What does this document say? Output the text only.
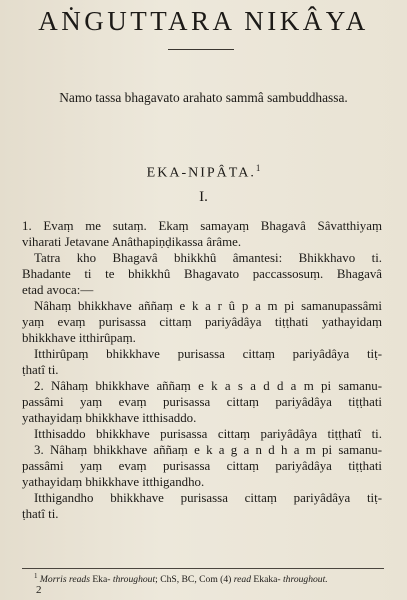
AṄGUTTARA NIKÂYA
Namo tassa bhagavato arahato sammâ sambuddhassa.
EKA-NIPÂTA.$^1$
I.
1. Evaṃ me sutaṃ. Ekaṃ samayaṃ Bhagavâ Sâvatthiyaṃ
viharati Jetavane Anâthapiṇḍikassa ârâme.
Tatra kho Bhagavâ bhikkhû âmantesi: Bhikkhavo ti.
Bhadante ti te bhikkhû Bhagavato paccassosuṃ. Bhagavâ
etad avoca:—
Nâhaṃ bhikkhave aññaṃ e k a r û p a m pi samanupassâmi
yaṃ evaṃ purisassa cittaṃ pariyâdâya tiṭṭhati yathayidaṃ
bhikkhave itthirûpaṃ.
Itthirûpaṃ bhikkhave purisassa cittaṃ pariyâdâya tiṭ-
ṭhatî ti.
2. Nâhaṃ bhikkhave aññaṃ e k a s a d d a m pi samanu-
passâmi yaṃ evaṃ purisassa cittaṃ pariyâdâya tiṭṭhati
yathayidaṃ bhikkhave itthisaddo.
Itthisaddo bhikkhave purisassa cittaṃ pariyâdâya tiṭṭhatî ti.
3. Nâhaṃ bhikkhave aññaṃ e k a g a n d h a m pi samanu-
passâmi yaṃ evaṃ purisassa cittaṃ pariyâdâya tiṭṭhati
yathayidaṃ bhikkhave itthigandho.
Itthigandho bhikkhave purisassa cittaṃ pariyâdâya tiṭ-
ṭhatî ti.
$^1$ Morris reads Eka- throughout; ChS, BC, Com (4) read Ekaka- throughout.
2
